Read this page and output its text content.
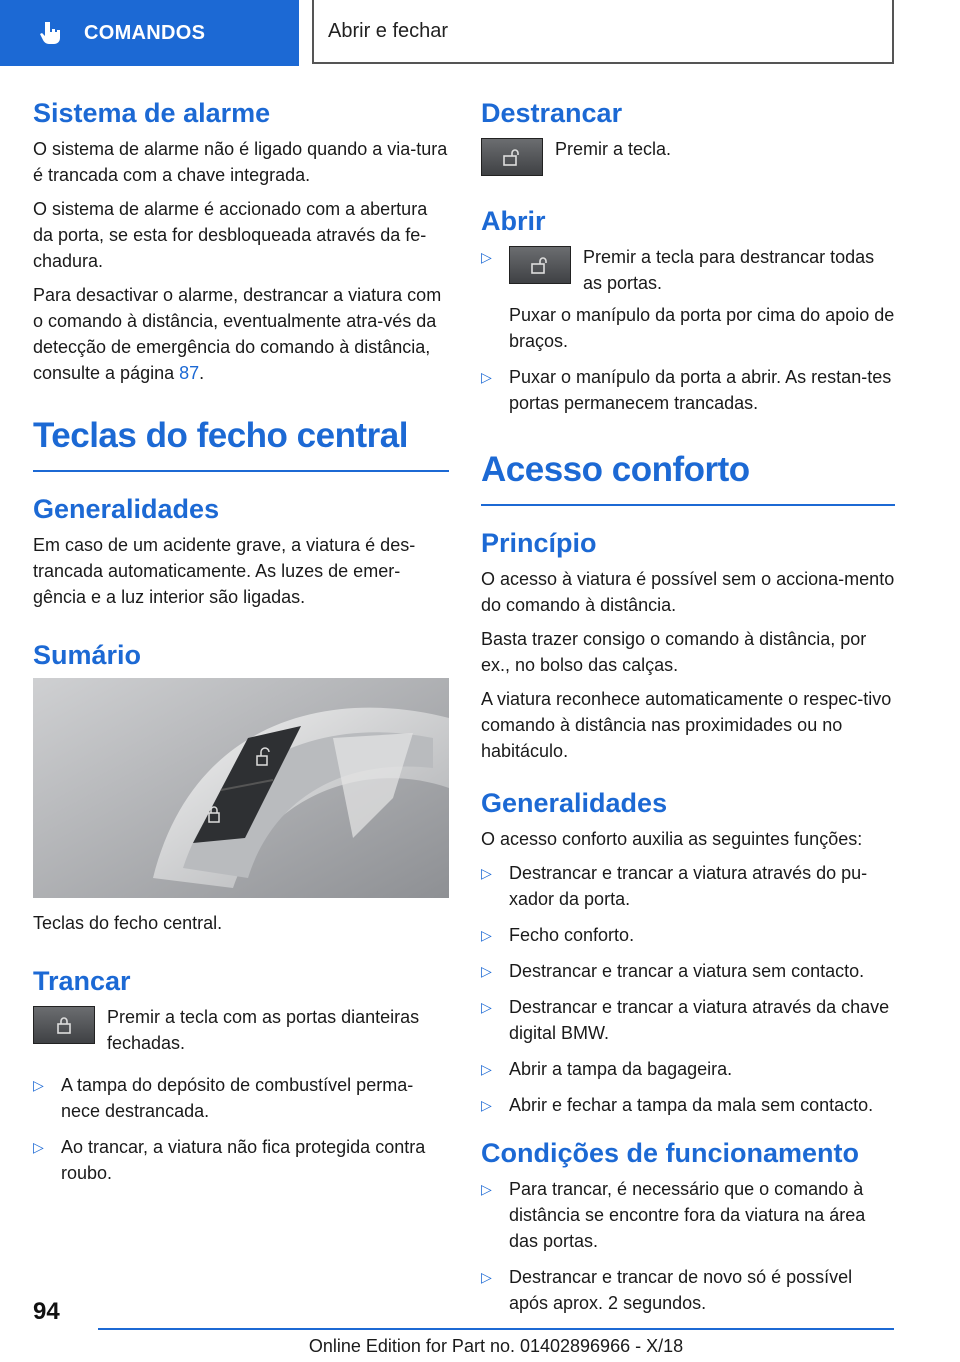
COMANDOS	Abrir e fechar
Sistema de alarme

O sistema de alarme não é ligado quando a via-tura é trancada com a chave integrada.

O sistema de alarme é accionado com a abertura da porta, se esta for desbloqueada através da fe-chadura.

Para desactivar o alarme, destrancar a viatura com o comando à distância, eventualmente atra-vés da detecção de emergência do comando à distância, consulte a página 87.

Teclas do fecho central
Generalidades

Em caso de um acidente grave, a viatura é des-trancada automaticamente. As luzes de emer-gência e a luz interior são ligadas.

Sumário

Teclas do fecho central.

Trancar
Premir a tecla com as portas dianteiras fechadas.
▷ A tampa do depósito de combustível perma-nece destrancada.
▷ Ao trancar, a viatura não fica protegida contra roubo.
Destrancar
Premir a tecla.
Abrir
▷	Premir a tecla para destrancar todas as portas.
Puxar o manípulo da porta por cima do apoio de braços.
▷ Puxar o manípulo da porta a abrir. As restan-tes portas permanecem trancadas.
Acesso conforto
Princípio

O acesso à viatura é possível sem o acciona-mento do comando à distância.

Basta trazer consigo o comando à distância, por ex., no bolso das calças.

A viatura reconhece automaticamente o respec-tivo comando à distância nas proximidades ou no habitáculo.

Generalidades

O acesso conforto auxilia as seguintes funções:

▷ Destrancar e trancar a viatura através do pu-xador da porta.
▷ Fecho conforto.
▷ Destrancar e trancar a viatura sem contacto.
▷ Destrancar e trancar a viatura através da chave digital BMW.
▷ Abrir a tampa da bagageira.
▷ Abrir e fechar a tampa da mala sem contacto.
Condições de funcionamento
▷ Para trancar, é necessário que o comando à distância se encontre fora da viatura na área das portas.
▷ Destrancar e trancar de novo só é possível após aprox. 2 segundos.
94
Online Edition for Part no. 01402896966 - X/18
